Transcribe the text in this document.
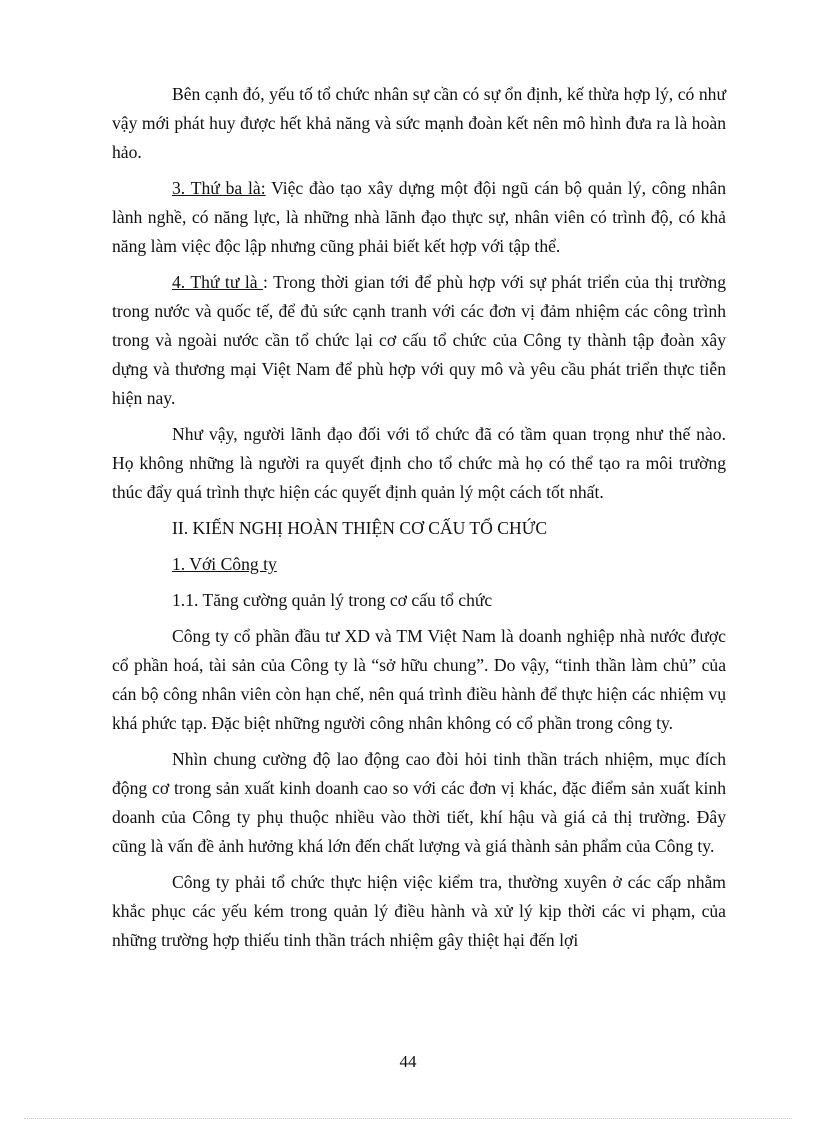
Bên cạnh đó, yếu tố tổ chức nhân sự cần có sự ổn định, kế thừa hợp lý, có như vậy mới phát huy được hết khả năng và sức mạnh đoàn kết nên mô hình đưa ra là hoàn hảo.

3. Thứ ba là: Việc đào tạo xây dựng một đội ngũ cán bộ quản lý, công nhân lành nghề, có năng lực, là những nhà lãnh đạo thực sự, nhân viên có trình độ, có khả năng làm việc độc lập nhưng cũng phải biết kết hợp với tập thể.

4. Thứ tư là : Trong thời gian tới để phù hợp với sự phát triển của thị trường trong nước và quốc tế, để đủ sức cạnh tranh với các đơn vị đảm nhiệm các công trình trong và ngoài nước cần tổ chức lại cơ cấu tổ chức của Công ty thành tập đoàn xây dựng và thương mại Việt Nam để phù hợp với quy mô và yêu cầu phát triển thực tiễn hiện nay.

Như vậy, người lãnh đạo đối với tổ chức đã có tầm quan trọng như thế nào. Họ không những là người ra quyết định cho tổ chức mà họ có thể tạo ra môi trường thúc đẩy quá trình thực hiện các quyết định quản lý một cách tốt nhất.

II. KIẾN NGHỊ HOÀN THIỆN CƠ CẤU TỔ CHỨC

1. Với Công ty

1.1. Tăng cường quản lý trong cơ cấu tổ chức

Công ty cổ phần đầu tư XD và TM Việt Nam là doanh nghiệp nhà nước được cổ phần hoá, tài sản của Công ty là “sở hữu chung”. Do vậy, “tinh thần làm chủ” của cán bộ công nhân viên còn hạn chế, nên quá trình điều hành để thực hiện các nhiệm vụ khá phức tạp. Đặc biệt những người công nhân không có cổ phần trong công ty.

Nhìn chung cường độ lao động cao đòi hỏi tinh thần trách nhiệm, mục đích động cơ trong sản xuất kinh doanh cao so với các đơn vị khác, đặc điểm sản xuất kinh doanh của Công ty phụ thuộc nhiều vào thời tiết, khí hậu và giá cả thị trường. Đây cũng là vấn đề ảnh hưởng khá lớn đến chất lượng và giá thành sản phẩm của Công ty.

Công ty phải tổ chức thực hiện việc kiểm tra, thường xuyên ở các cấp nhằm khắc phục các yếu kém trong quản lý điều hành và xử lý kịp thời các vi phạm, của những trường hợp thiếu tinh thần trách nhiệm gây thiệt hại đến lợi

44
